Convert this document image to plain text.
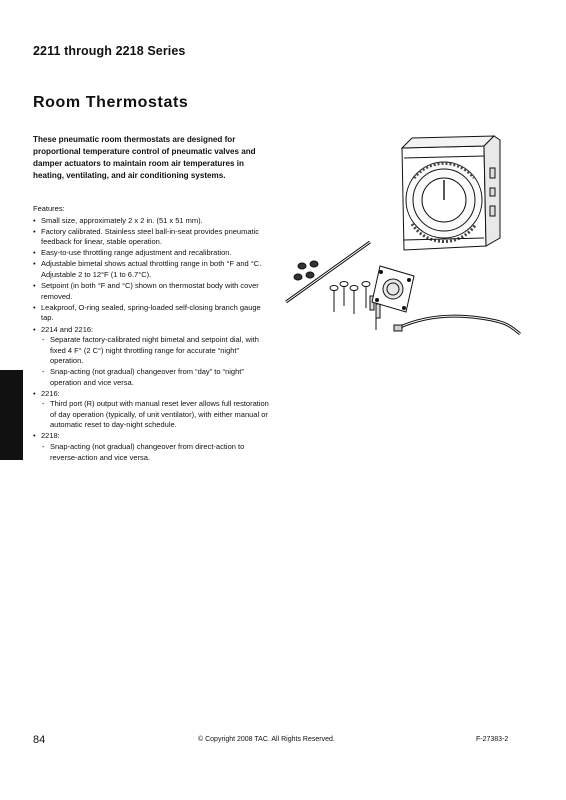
2211 through 2218 Series
Room Thermostats
These pneumatic room thermostats are designed for proportional temperature control of pneumatic valves and damper actuators to maintain room air temperatures in heating, ventilating, and air conditioning systems.
Features:
• Small size, approximately 2 x 2 in. (51 x 51 mm).
• Factory calibrated. Stainless steel ball-in-seat provides pneumatic feedback for linear, stable operation.
• Easy-to-use throttling range adjustment and recalibration.
• Adjustable bimetal shows actual throttling range in both °F and °C. Adjustable 2 to 12°F (1 to 6.7°C).
• Setpoint (in both °F and °C) shown on thermostat body with cover removed.
• Leakproof, O-ring sealed, spring-loaded self-closing branch gauge tap.
• 2214 and 2216:
- Separate factory-calibrated night bimetal and setpoint dial, with fixed 4 F° (2 C°) night throttling range for accurate “night” operation.
- Snap-acting (not gradual) changeover from “day” to “night” operation and vice versa.
• 2216:
- Third port (R) output with manual reset lever allows full restoration of day operation (typically, of unit ventilator), with either manual or automatic reset to day-night schedule.
• 2218:
- Snap-acting (not gradual) changeover from direct-action to reverse-action and vice versa.
84	© Copyright 2008 TAC. All Rights Reserved.	F-27383-2
